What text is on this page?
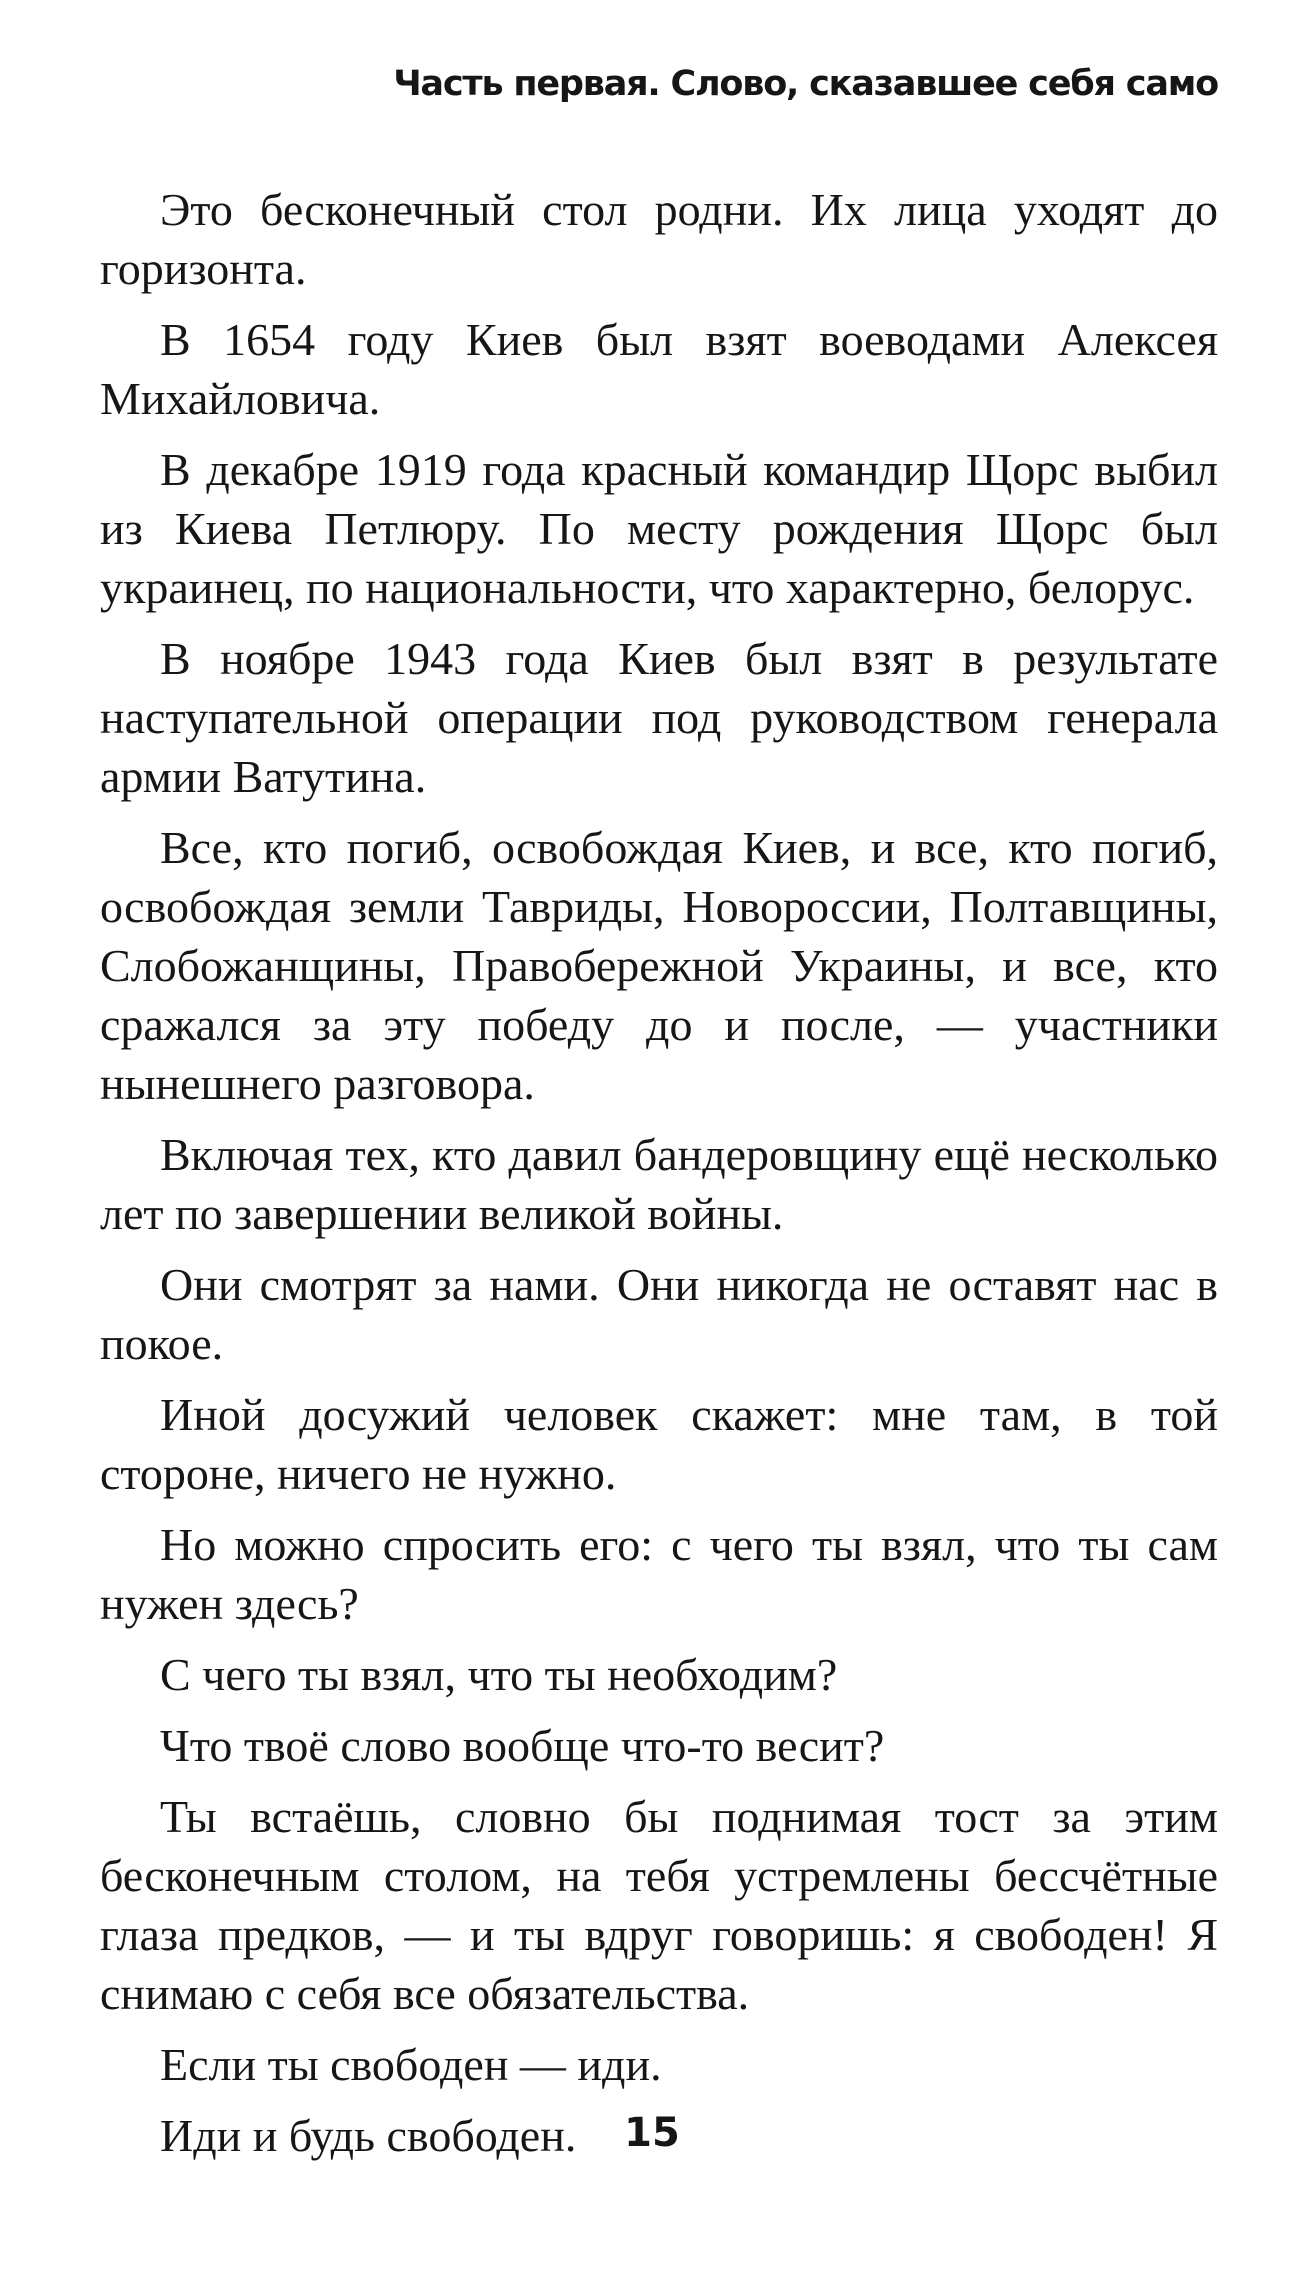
Часть первая. Слово, сказавшее себя само

Это бесконечный стол родни. Их лица уходят до горизонта.

В 1654 году Киев был взят воеводами Алексея Михайловича.

В декабре 1919 года красный командир Щорс выбил из Киева Петлюру. По месту рождения Щорс был украинец, по национальности, что характерно, белорус.

В ноябре 1943 года Киев был взят в результате наступательной операции под руководством генерала армии Ватутина.

Все, кто погиб, освобождая Киев, и все, кто погиб, освобождая земли Тавриды, Новороссии, Полтавщины, Слобожанщины, Правобережной Украины, и все, кто сражался за эту победу до и после, — участники нынешнего разговора.

Включая тех, кто давил бандеровщину ещё несколько лет по завершении великой войны.

Они смотрят за нами. Они никогда не оставят нас в покое.

Иной досужий человек скажет: мне там, в той стороне, ничего не нужно.

Но можно спросить его: с чего ты взял, что ты сам нужен здесь?

С чего ты взял, что ты необходим?

Что твоё слово вообще что-то весит?

Ты встаёшь, словно бы поднимая тост за этим бесконечным столом, на тебя устремлены бессчётные глаза предков, — и ты вдруг говоришь: я свободен! Я снимаю с себя все обязательства.

Если ты свободен — иди.

Иди и будь свободен.	15
